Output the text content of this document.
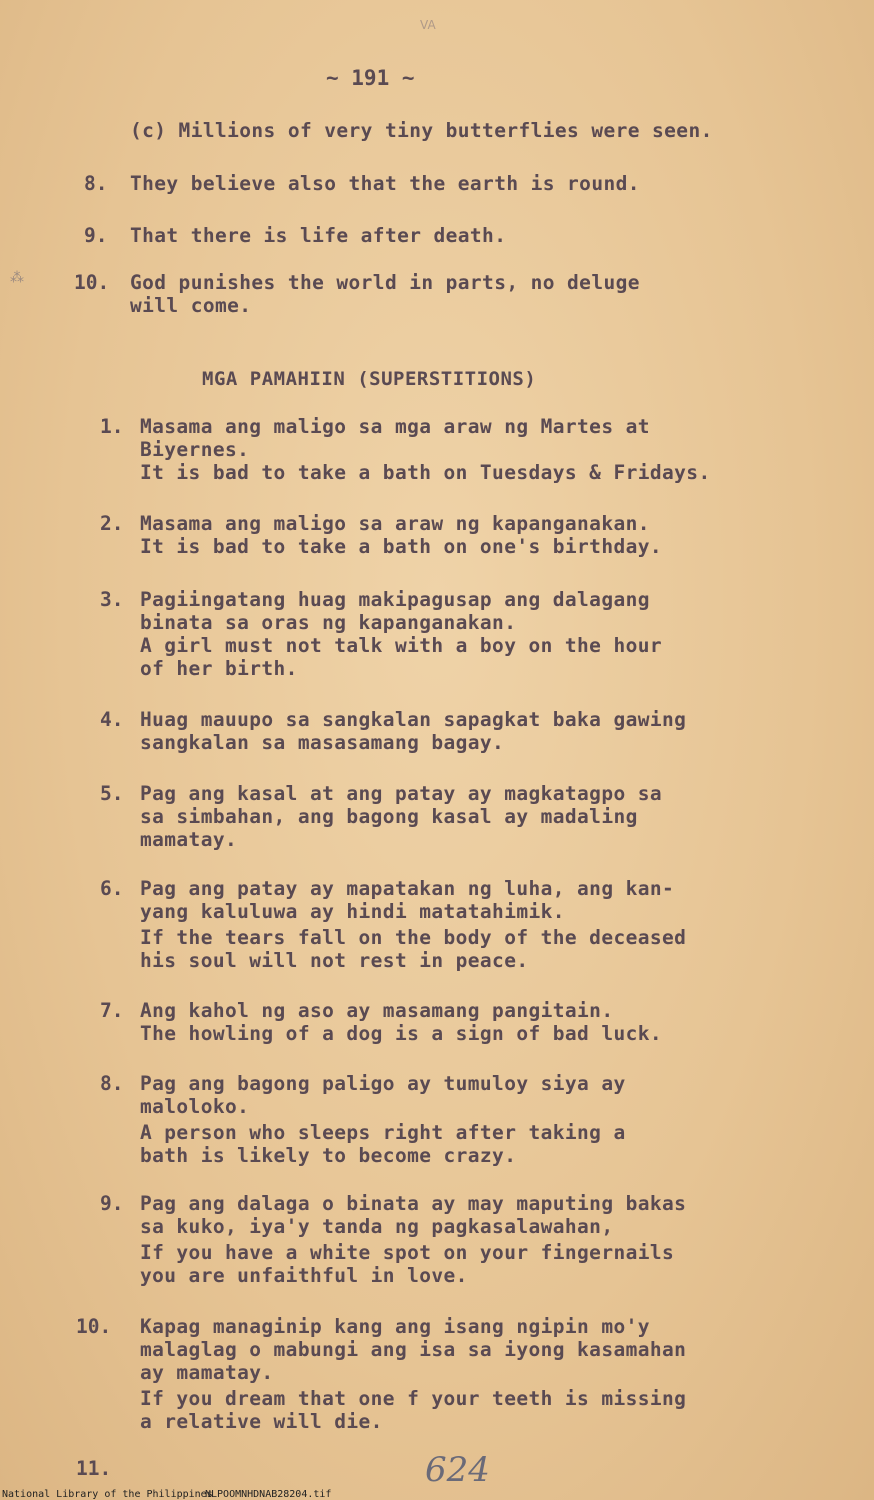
VA
~ 191 ~
(c) Millions of very tiny butterflies were seen.
8. They believe also that the earth is round.
9. That there is life after death.
10. God punishes the world in parts, no deluge
will come.
MGA PAMAHIIN (SUPERSTITIONS)
1. Masama ang maligo sa mga araw ng Martes at
Biyernes.
It is bad to take a bath on Tuesdays & Fridays.
2. Masama ang maligo sa araw ng kapanganakan.
It is bad to take a bath on one's birthday.
3. Pagiingatang huag makipagusap ang dalagang
binata sa oras ng kapanganakan.
A girl must not talk with a boy on the hour
of her birth.
4. Huag mauupo sa sangkalan sapagkat baka gawing
sangkalan sa masasamang bagay.
5. Pag ang kasal at ang patay ay magkatagpo sa
sa simbahan, ang bagong kasal ay madaling
mamatay.
6. Pag ang patay ay mapatakan ng luha, ang kan-
yang kaluluwa ay hindi matatahimik.
If the tears fall on the body of the deceased
his soul will not rest in peace.
7. Ang kahol ng aso ay masamang pangitain.
The howling of a dog is a sign of bad luck.
8. Pag ang bagong paligo ay tumuloy siya ay
maloloko.
A person who sleeps right after taking a
bath is likely to become crazy.
9. Pag ang dalaga o binata ay may maputing bakas
sa kuko, iya'y tanda ng pagkasalawahan,
If you have a white spot on your fingernails
you are unfaithful in love.
10. Kapag managinip kang ang isang ngipin mo'y
malaglag o mabungi ang isa sa iyong kasamahan
ay mamatay.
If you dream that one f your teeth is missing
a relative will die.
11.	624
⁂
National Library of the Philippines
NLPOOMNHDNAB28204.tif
